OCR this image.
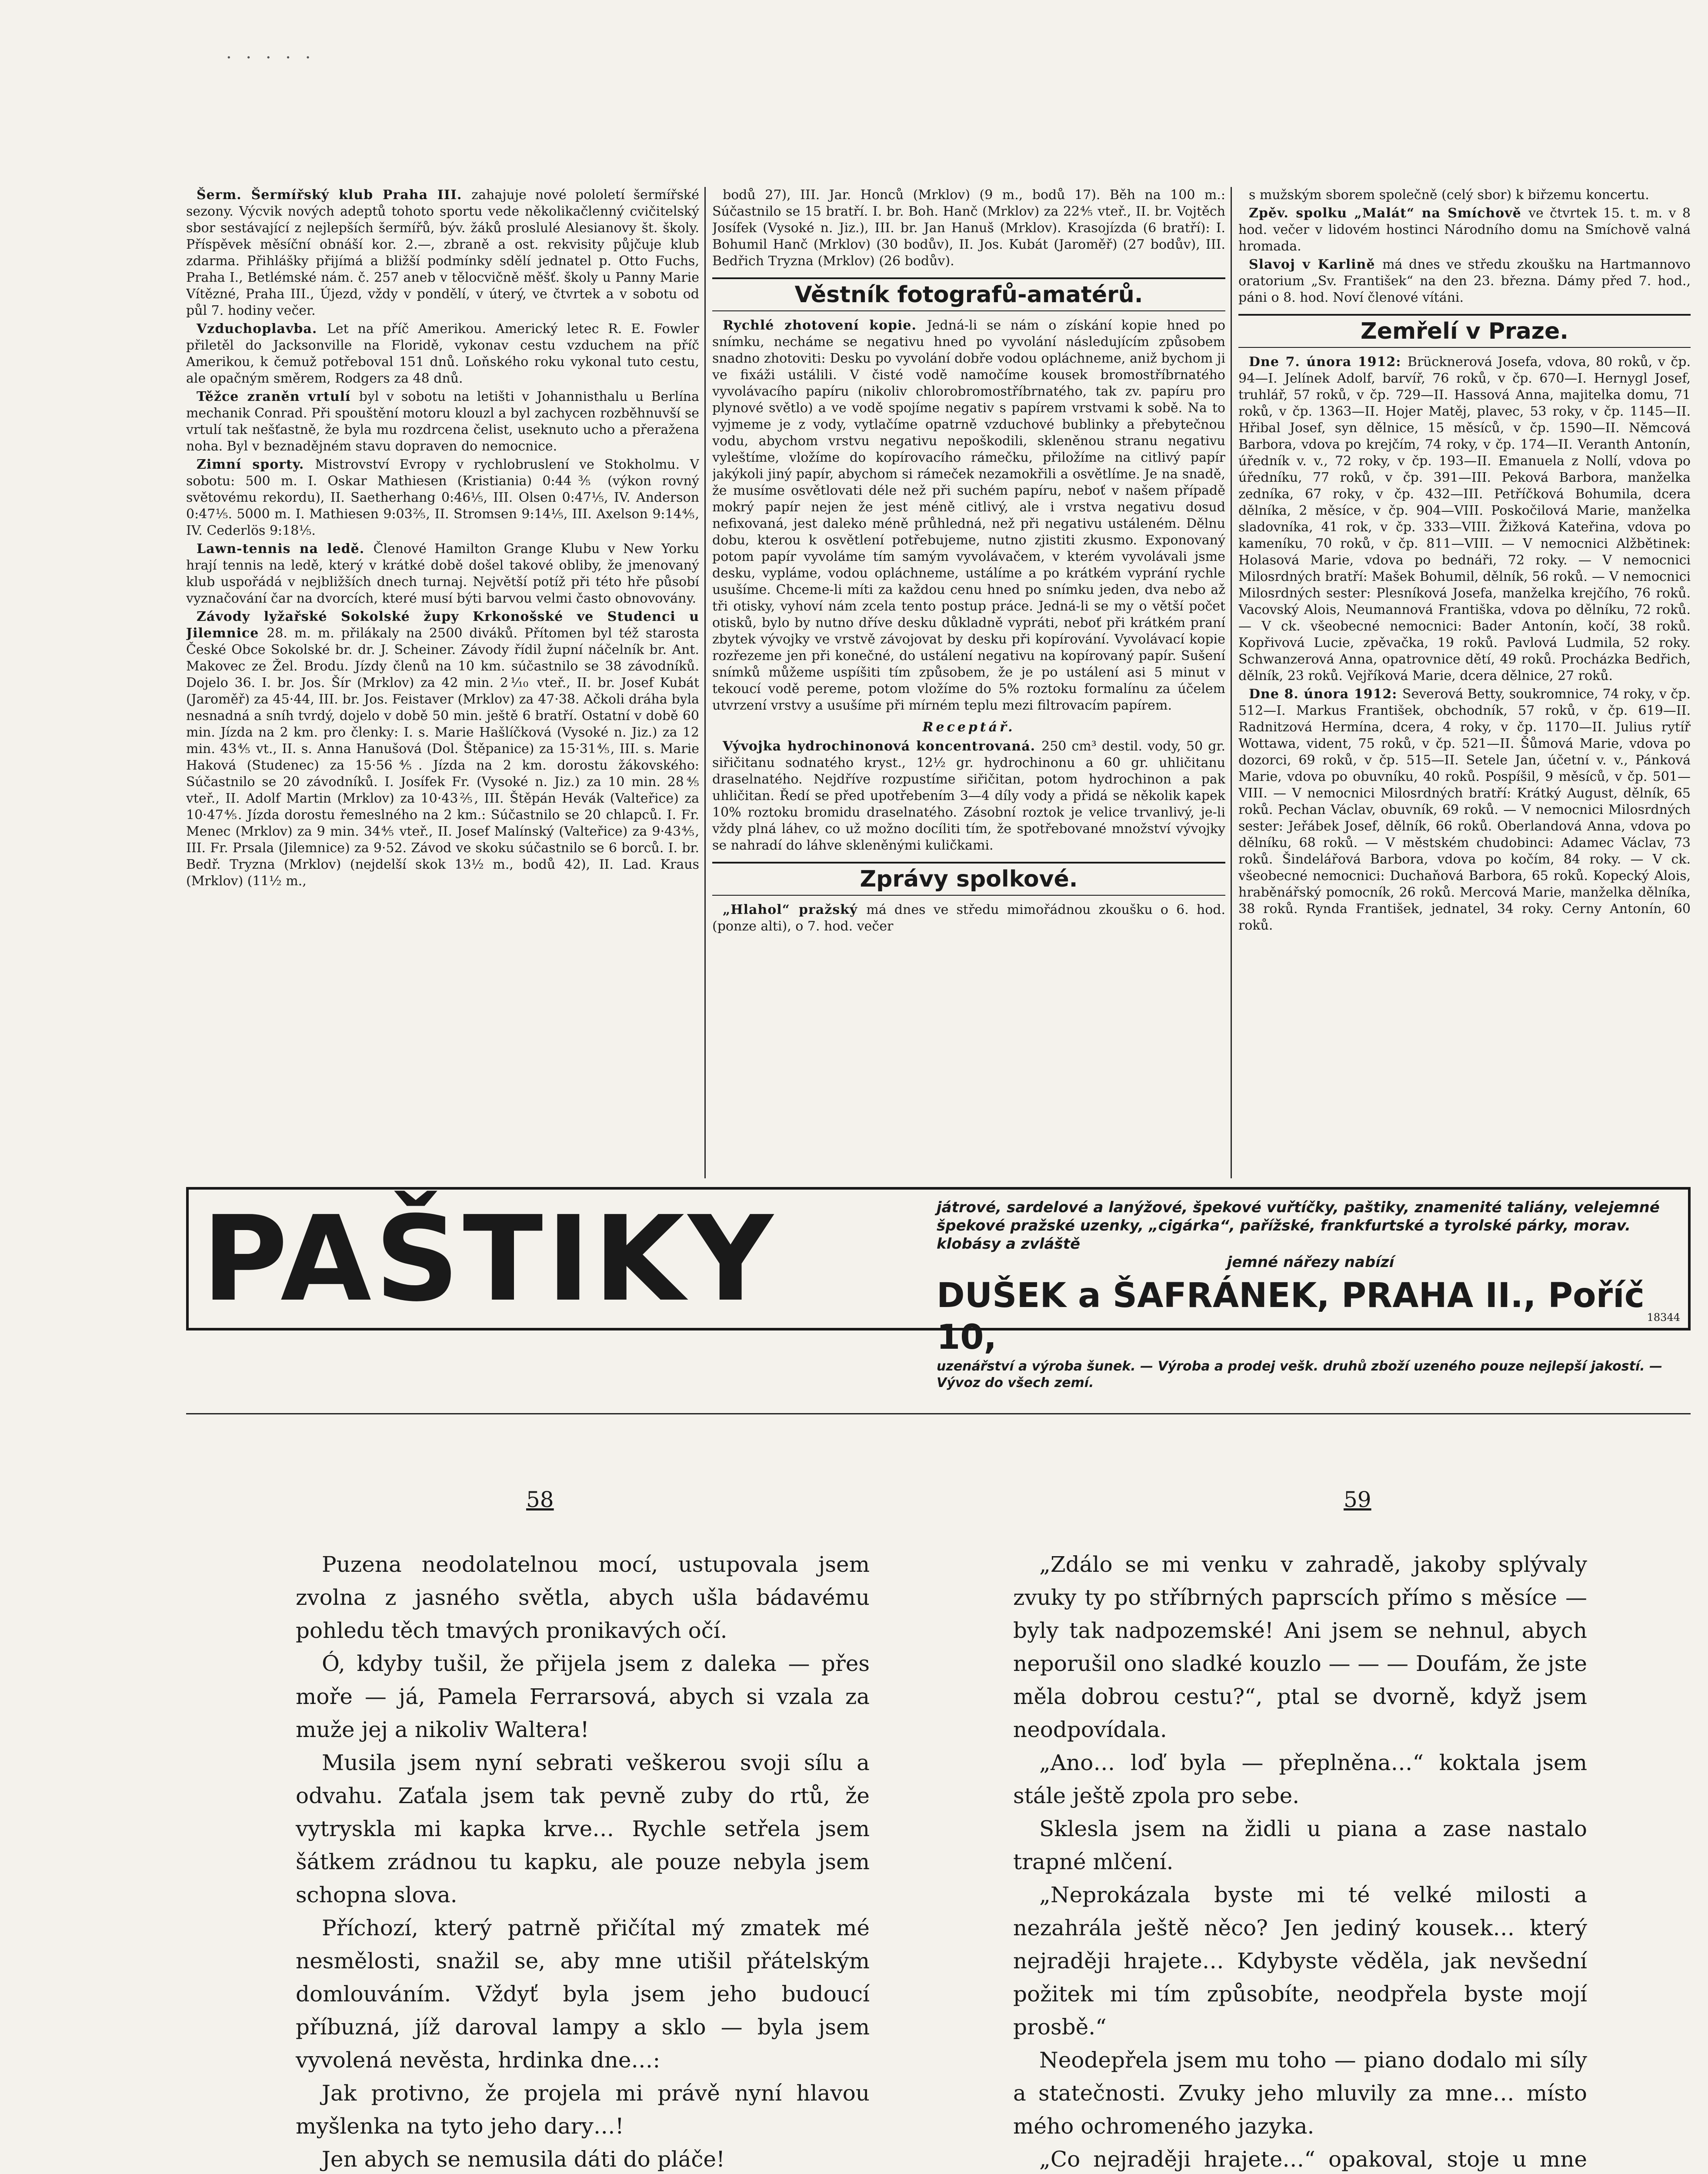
· · · · ·

Šerm. Šermířský klub Praha III. zahajuje nové pololetí šermířské sezony. Výcvik nových adeptů tohoto sportu vede několikačlenný cvičitelský sbor sestávající z nejlepších šermířů, býv. žáků proslulé Alesianovy št. školy. Příspěvek měsíční obnáší kor. 2.—, zbraně a ost. rekvisity půjčuje klub zdarma. Přihlášky přijímá a bližší podmínky sdělí jednatel p. Otto Fuchs, Praha I., Betlémské nám. č. 257 aneb v tělocvičně měšť. školy u Panny Marie Vítězné, Praha III., Újezd, vždy v pondělí, v úterý, ve čtvrtek a v sobotu od půl 7. hodiny večer.

Vzduchoplavba. Let na příč Amerikou. Americký letec R. E. Fowler přiletěl do Jacksonville na Floridě, vykonav cestu vzduchem na příč Amerikou, k čemuž potřeboval 151 dnů. Loňského roku vykonal tuto cestu, ale opačným směrem, Rodgers za 48 dnů.

Těžce zraněn vrtulí byl v sobotu na letišti v Johannisthalu u Berlína mechanik Conrad. Při spouštění motoru klouzl a byl zachycen rozběhnuvší se vrtulí tak nešťastně, že byla mu rozdrcena čelist, useknuto ucho a přeražena noha. Byl v beznadějném stavu dopraven do nemocnice.

Zimní sporty. Mistrovství Evropy v rychlobruslení ve Stokholmu. V sobotu: 500 m. I. Oskar Mathiesen (Kristiania) 0:44⅗ (výkon rovný světovému rekordu), II. Saetherhang 0:46⅕, III. Olsen 0:47⅕, IV. Anderson 0:47⅕. 5000 m. I. Mathiesen 9:03⅖, II. Stromsen 9:14⅕, III. Axelson 9:14⅘, IV. Cederlös 9:18⅕.

Lawn-tennis na ledě. Členové Hamilton Grange Klubu v New Yorku hrají tennis na ledě, který v krátké době došel takové obliby, že jmenovaný klub uspořádá v nejbližších dnech turnaj. Největší potíž při této hře působí vyznačování čar na dvorcích, které musí býti barvou velmi často obnovovány.

Závody lyžařské Sokolské župy Krkonošské ve Studenci u Jilemnice 28. m. m. přilákaly na 2500 diváků. Přítomen byl též starosta České Obce Sokolské br. dr. J. Scheiner. Závody řídil župní náčelník br. Ant. Makovec ze Žel. Brodu. Jízdy členů na 10 km. súčastnilo se 38 závodníků. Dojelo 36. I. br. Jos. Šír (Mrklov) za 42 min. 2⅒ vteř., II. br. Josef Kubát (Jaroměř) za 45·44, III. br. Jos. Feistaver (Mrklov) za 47·38. Ačkoli dráha byla nesnadná a sníh tvrdý, dojelo v době 50 min. ještě 6 bratří. Ostatní v době 60 min. Jízda na 2 km. pro členky: I. s. Marie Hašlíčková (Vysoké n. Jiz.) za 12 min. 43⅘ vt., II. s. Anna Hanušová (Dol. Štěpanice) za 15·31⅘, III. s. Marie Haková (Studenec) za 15·56⅘. Jízda na 2 km. dorostu žákovského: Súčastnilo se 20 závodníků. I. Josífek Fr. (Vysoké n. Jiz.) za 10 min. 28⅘ vteř., II. Adolf Martin (Mrklov) za 10·43⅖, III. Štěpán Hevák (Valteřice) za 10·47⅘. Jízda dorostu řemeslného na 2 km.: Súčastnilo se 20 chlapců. I. Fr. Menec (Mrklov) za 9 min. 34⅘ vteř., II. Josef Malínský (Valteřice) za 9·43⅘, III. Fr. Prsala (Jilemnice) za 9·52. Závod ve skoku súčastnilo se 6 borců. I. br. Bedř. Tryzna (Mrklov) (nejdelší skok 13½ m., bodů 42), II. Lad. Kraus (Mrklov) (11½ m.,

bodů 27), III. Jar. Honců (Mrklov) (9 m., bodů 17). Běh na 100 m.: Súčastnilo se 15 bratří. I. br. Boh. Hanč (Mrklov) za 22⅘ vteř., II. br. Vojtěch Josífek (Vysoké n. Jiz.), III. br. Jan Hanuš (Mrklov). Krasojízda (6 bratří): I. Bohumil Hanč (Mrklov) (30 bodův), II. Jos. Kubát (Jaroměř) (27 bodův), III. Bedřich Tryzna (Mrklov) (26 bodův).

Věstník fotografů-amatérů.

Rychlé zhotovení kopie. Jedná-li se nám o získání kopie hned po snímku, necháme se negativu hned po vyvolání následujícím způsobem snadno zhotoviti: Desku po vyvolání dobře vodou opláchneme, aniž bychom ji ve fixáži ustálili. V čisté vodě namočíme kousek bromostříbrnatého vyvolávacího papíru (nikoliv chlorobromostříbrnatého, tak zv. papíru pro plynové světlo) a ve vodě spojíme negativ s papírem vrstvami k sobě. Na to vyjmeme je z vody, vytlačíme opatrně vzduchové bublinky a přebytečnou vodu, abychom vrstvu negativu nepoškodili, skleněnou stranu negativu vyleštíme, vložíme do kopírovacího rámečku, přiložíme na citlivý papír jakýkoli jiný papír, abychom si rámeček nezamokřili a osvětlíme. Je na snadě, že musíme osvětlovati déle než při suchém papíru, neboť v našem případě mokrý papír nejen že jest méně citlivý, ale i vrstva negativu dosud nefixovaná, jest daleko méně průhledná, než při negativu ustáleném. Dělnu dobu, kterou k osvětlení potřebujeme, nutno zjistiti zkusmo. Exponovaný potom papír vyvoláme tím samým vyvolávačem, v kterém vyvolávali jsme desku, vypláme, vodou opláchneme, ustálíme a po krátkém vyprání rychle usušíme. Chceme-li míti za každou cenu hned po snímku jeden, dva nebo až tři otisky, vyhoví nám zcela tento postup práce. Jedná-li se my o větší počet otisků, bylo by nutno dříve desku důkladně vypráti, neboť při krátkém praní zbytek vývojky ve vrstvě závojovat by desku při kopírování. Vyvolávací kopie rozřezeme jen při konečné, do ustálení negativu na kopírovaný papír. Sušení snímků můžeme uspíšiti tím způsobem, že je po ustálení asi 5 minut v tekoucí vodě pereme, potom vložíme do 5% roztoku formalínu za účelem utvrzení vrstvy a usušíme při mírném teplu mezi filtrovacím papírem.

Receptář.

Vývojka hydrochinonová koncentrovaná. 250 cm³ destil. vody, 50 gr. siřičitanu sodnatého kryst., 12½ gr. hydrochinonu a 60 gr. uhličitanu draselnatého. Nejdříve rozpustíme siřičitan, potom hydrochinon a pak uhličitan. Ředí se před upotřebením 3—4 díly vody a přidá se několik kapek 10% roztoku bromidu draselnatého. Zásobní roztok je velice trvanlivý, je-li vždy plná láhev, co už možno docíliti tím, že spotřebované množství vývojky se nahradí do láhve skleněnými kuličkami.

Zprávy spolkové.

„Hlahol“ pražský má dnes ve středu mimořádnou zkoušku o 6. hod. (ponze alti), o 7. hod. večer

s mužským sborem společně (celý sbor) k biřzemu koncertu.

Zpěv. spolku „Malát“ na Smíchově ve čtvrtek 15. t. m. v 8 hod. večer v lidovém hostinci Národního domu na Smíchově valná hromada.

Slavoj v Karlině má dnes ve středu zkoušku na Hartmannovo oratorium „Sv. František“ na den 23. března. Dámy před 7. hod., páni o 8. hod. Noví členové vítáni.

Zemřelí v Praze.

Dne 7. února 1912: Brücknerová Josefa, vdova, 80 roků, v čp. 94—I. Jelínek Adolf, barvíř, 76 roků, v čp. 670—I. Hernygl Josef, truhlář, 57 roků, v čp. 729—II. Hassová Anna, majitelka domu, 71 roků, v čp. 1363—II. Hojer Matěj, plavec, 53 roky, v čp. 1145—II. Hřibal Josef, syn dělnice, 15 měsíců, v čp. 1590—II. Němcová Barbora, vdova po krejčím, 74 roky, v čp. 174—II. Veranth Antonín, úředník v. v., 72 roky, v čp. 193—II. Emanuela z Nollí, vdova po úředníku, 77 roků, v čp. 391—III. Peková Barbora, manželka zedníka, 67 roky, v čp. 432—III. Petříčková Bohumila, dcera dělníka, 2 měsíce, v čp. 904—VIII. Poskočilová Marie, manželka sladovníka, 41 rok, v čp. 333—VIII. Žižková Kateřina, vdova po kameníku, 70 roků, v čp. 811—VIII. — V nemocnici Alžbětinek: Holasová Marie, vdova po bednáři, 72 roky. — V nemocnici Milosrdných bratří: Mašek Bohumil, dělník, 56 roků. — V nemocnici Milosrdných sester: Plesníková Josefa, manželka krejčího, 76 roků. Vacovský Alois, Neumannová Františka, vdova po dělníku, 72 roků. — V ck. všeobecné nemocnici: Bader Antonín, kočí, 38 roků. Kopřivová Lucie, zpěvačka, 19 roků. Pavlová Ludmila, 52 roky. Schwanzerová Anna, opatrovnice dětí, 49 roků. Procházka Bedřich, dělník, 23 roků. Vejříková Marie, dcera dělnice, 27 roků.

Dne 8. února 1912: Severová Betty, soukromnice, 74 roky, v čp. 512—I. Markus František, obchodník, 57 roků, v čp. 619—II. Radnitzová Hermína, dcera, 4 roky, v čp. 1170—II. Julius rytíř Wottawa, vident, 75 roků, v čp. 521—II. Šůmová Marie, vdova po dozorci, 69 roků, v čp. 515—II. Setele Jan, účetní v. v., Pánková Marie, vdova po obuvníku, 40 roků. Pospíšil, 9 měsíců, v čp. 501—VIII. — V nemocnici Milosrdných bratří: Krátký August, dělník, 65 roků. Pechan Václav, obuvník, 69 roků. — V nemocnici Milosrdných sester: Jeřábek Josef, dělník, 66 roků. Oberlandová Anna, vdova po dělníku, 68 roků. — V městském chudobinci: Adamec Václav, 73 roků. Šindelářová Barbora, vdova po kočím, 84 roky. — V ck. všeobecné nemocnici: Duchaňová Barbora, 65 roků. Kopecký Alois, hraběnářský pomocník, 26 roků. Mercová Marie, manželka dělníka, 38 roků. Rynda František, jednatel, 34 roky. Cerny Antonín, 60 roků.

PAŠTIKY	játrové, sardelové a lanýžové, špekové vuřtíčky, paštiky, znamenité taliány, velejemné špekové pražské uzenky, „cigárka“, pařížské, frankfurtské a tyrolské párky, morav. klobásy a zvláště
jemné nářezy nabízí
DUŠEK a ŠAFRÁNEK, PRAHA II., Poříč 10,
uzenářství a výroba šunek. — Výroba a prodej vešk. druhů zboží uzeného pouze nejlepší jakostí. — Vývoz do všech zemí.
18344
58	59

Puzena neodolatelnou mocí, ustupovala jsem zvolna z jasného světla, abych ušla bádavému pohledu těch tmavých pronikavých očí.

Ó, kdyby tušil, že přijela jsem z daleka — přes moře — já, Pamela Ferrarsová, abych si vzala za muže jej a nikoliv Waltera!

Musila jsem nyní sebrati veškerou svoji sílu a odvahu. Zaťala jsem tak pevně zuby do rtů, že vytryskla mi kapka krve… Rychle setřela jsem šátkem zrádnou tu kapku, ale pouze nebyla jsem schopna slova.

Příchozí, který patrně přičítal mý zmatek mé nesmělosti, snažil se, aby mne utišil přátelským domlouváním. Vždyť byla jsem jeho budoucí příbuzná, jíž daroval lampy a sklo — byla jsem vyvolená nevěsta, hrdinka dne…:

Jak protivno, že projela mi právě nyní hlavou myšlenka na tyto jeho dary…!

Jen abych se nemusila dáti do pláče!

„Zdálo se mi venku v zahradě, jakoby splývaly zvuky ty po stříbrných paprscích přímo s měsíce — byly tak nadpozemské! Ani jsem se nehnul, abych neporušil ono sladké kouzlo — — — Doufám, že jste měla dobrou cestu?“, ptal se dvorně, když jsem neodpovídala.

„Ano… loď byla — přeplněna…“ koktala jsem stále ještě zpola pro sebe.

Sklesla jsem na židli u piana a zase nastalo trapné mlčení.

„Neprokázala byste mi té velké milosti a nezahrála ještě něco? Jen jediný kousek… který nejraději hrajete… Kdybyste věděla, jak nevšední požitek mi tím způsobíte, neodpřela byste mojí prosbě.“

Neodepřela jsem mu toho — piano dodalo mi síly a statečnosti. Zvuky jeho mluvily za mne… místo mého ochromeného jazyka.

„Co nejraději hrajete…“ opakoval, stoje u mne
